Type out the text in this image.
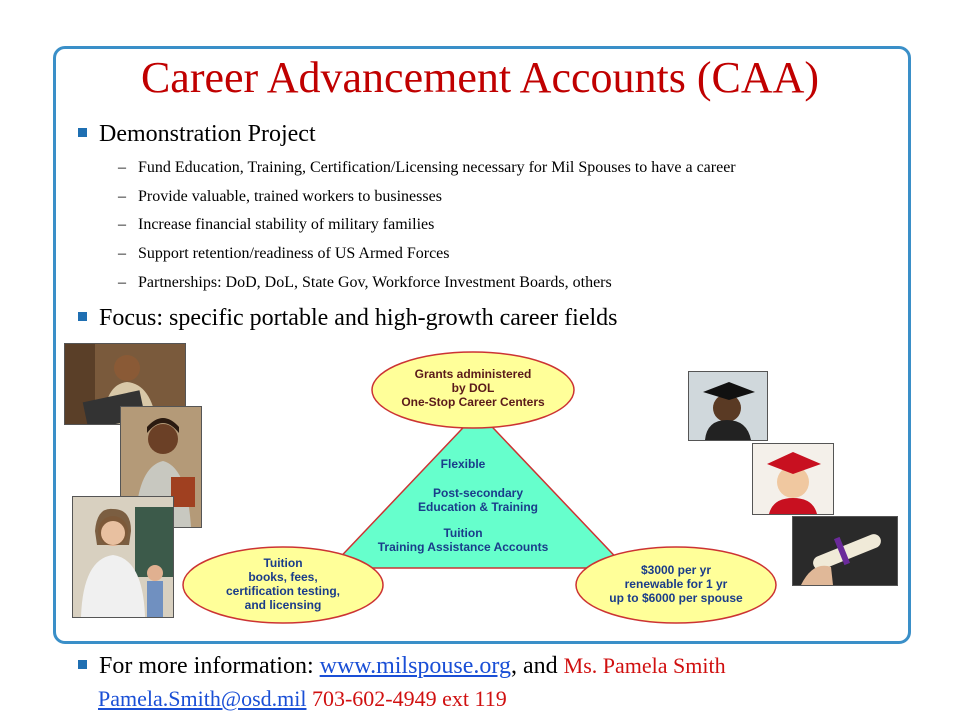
Career Advancement Accounts (CAA)
Demonstration Project
– Fund Education, Training, Certification/Licensing necessary for Mil Spouses to have a career
– Provide valuable, trained workers to businesses
– Increase financial stability of military families
– Support retention/readiness of US Armed Forces
– Partnerships: DoD, DoL, State Gov, Workforce Investment Boards, others
Focus: specific portable and high-growth career fields
Grants administered
by DOL
One-Stop Career Centers
Tuition
books, fees,
certification testing,
and licensing
$3000 per yr
renewable for 1 yr
up to $6000 per spouse
Flexible
Post-secondary
Education & Training
Tuition
Training Assistance Accounts
For more information: www.milspouse.org, and Ms. Pamela Smith
Pamela.Smith@osd.mil 703-602-4949 ext 119
